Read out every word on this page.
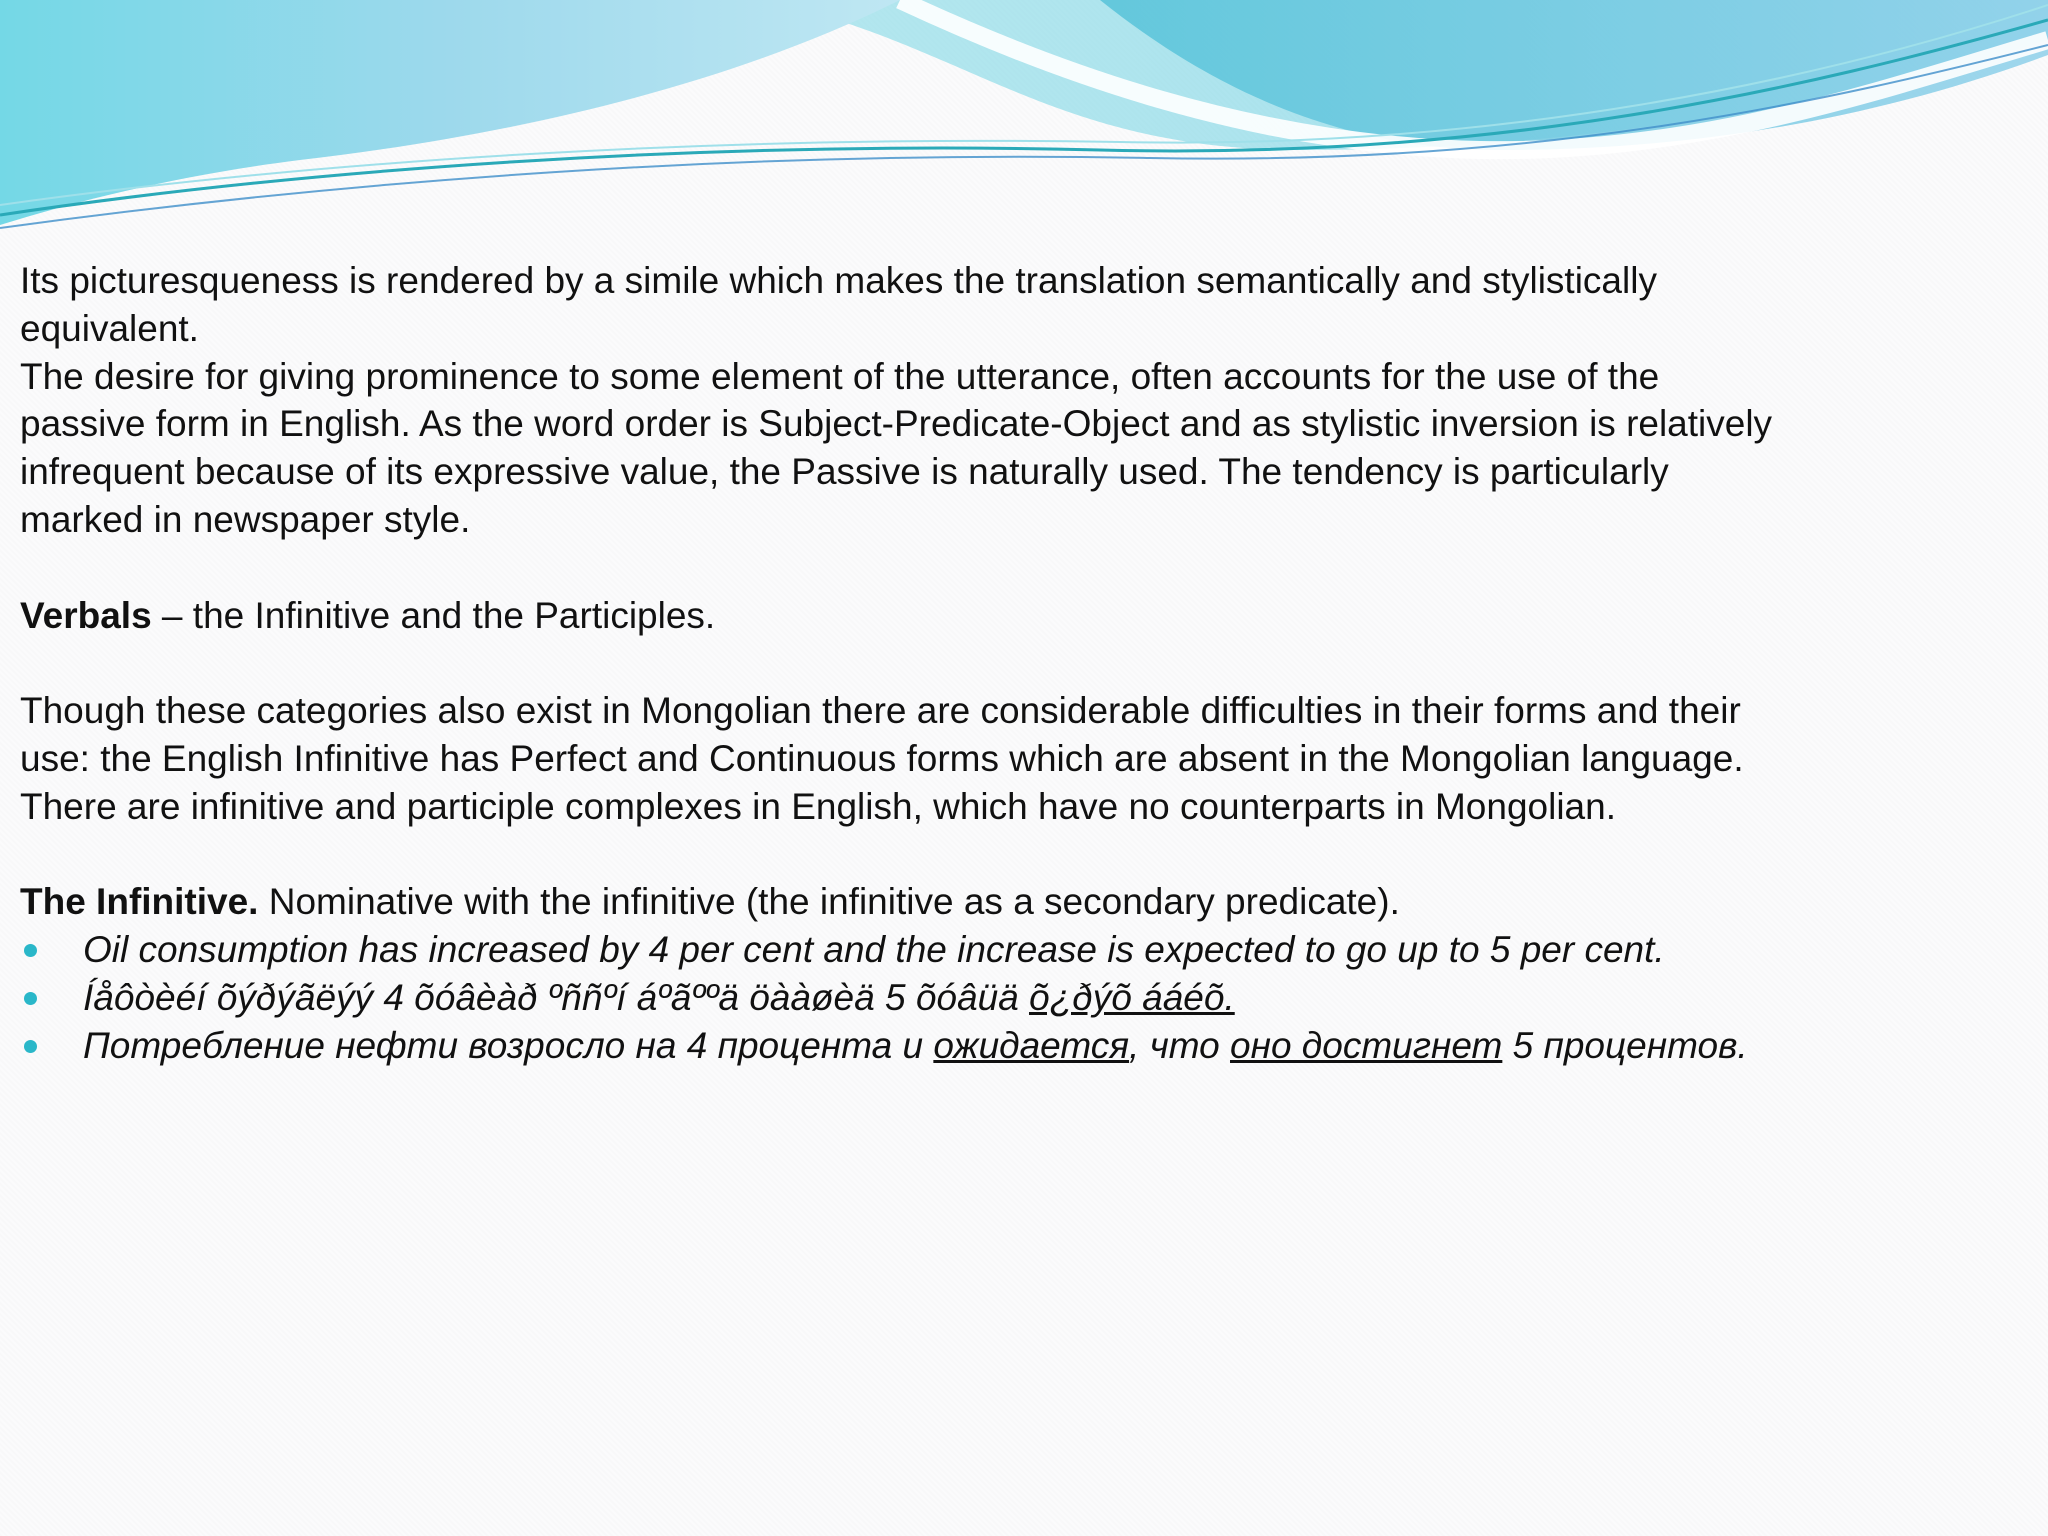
Its picturesqueness is rendered by a simile which makes the translation semantically and stylistically equivalent.

The desire for giving prominence to some element of the utterance, often accounts for the use of the passive form in English. As the word order is Subject-Predicate-Object and as stylistic inversion is relatively infrequent because of its expressive value, the Passive is naturally used. The tendency is particularly marked in newspaper style.

Verbals – the Infinitive and the Participles.

Though these categories also exist in Mongolian there are considerable difficulties in their forms and their use: the English Infinitive has Perfect and Continuous forms which are absent in the Mongolian language. There are infinitive and participle complexes in English, which have no counterparts in Mongolian.

The Infinitive. Nominative with the infinitive (the infinitive as a secondary predicate).

Oil consumption has increased by 4 per cent and the increase is expected to go up to 5 per cent.
Íåôòèéí õýðýãëýý 4 õóâèàð ºññºí áºãººä öààøèä 5 õóâüä õ¿ðýõ ááéõ.
Потребление нефти возросло на 4 процента и ожидается, что оно достигнет 5 процентов.
